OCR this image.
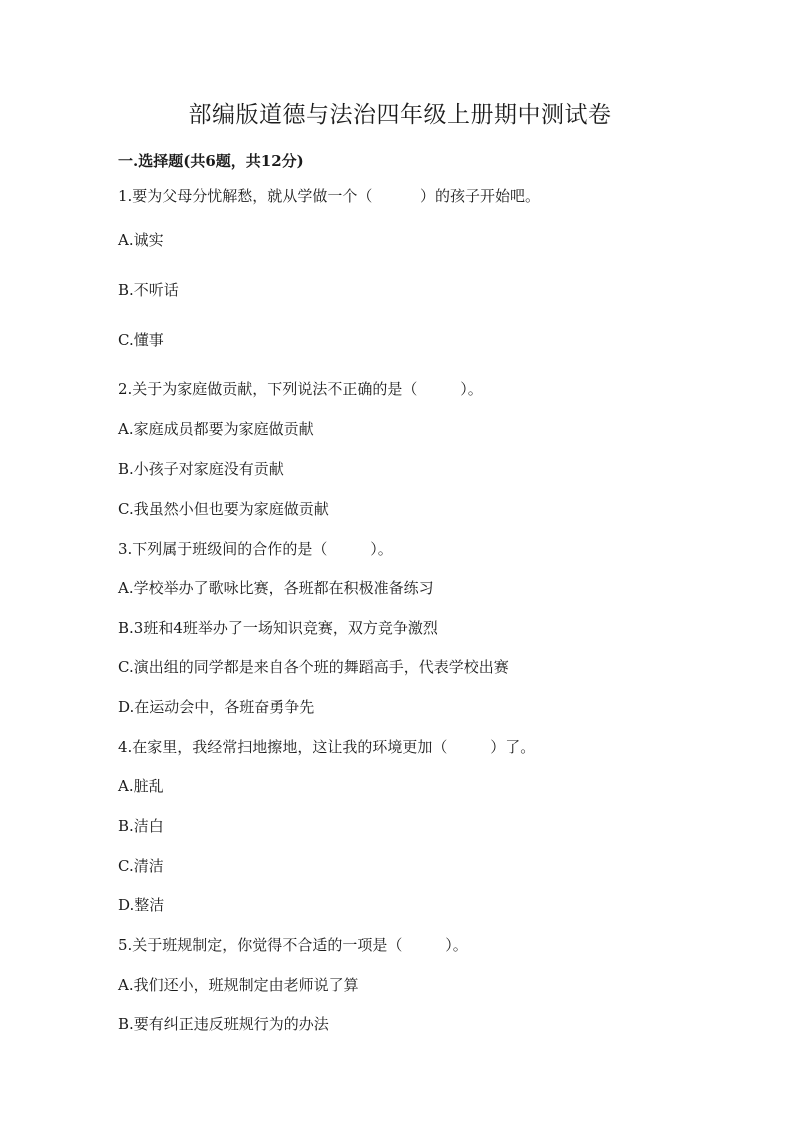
部编版道德与法治四年级上册期中测试卷
一.选择题(共6题，共12分)

1.要为父母分忧解愁，就从学做一个（          ）的孩子开始吧。

A.诚实

B.不听话

C.懂事

2.关于为家庭做贡献，下列说法不正确的是（         ）。

A.家庭成员都要为家庭做贡献

B.小孩子对家庭没有贡献

C.我虽然小但也要为家庭做贡献

3.下列属于班级间的合作的是（         ）。

A.学校举办了歌咏比赛，各班都在积极准备练习

B.3班和4班举办了一场知识竞赛，双方竞争激烈

C.演出组的同学都是来自各个班的舞蹈高手，代表学校出赛

D.在运动会中，各班奋勇争先

4.在家里，我经常扫地擦地，这让我的环境更加（         ）了。

A.脏乱

B.洁白

C.清洁

D.整洁

5.关于班规制定，你觉得不合适的一项是（         ）。

A.我们还小，班规制定由老师说了算

B.要有纠正违反班规行为的办法
